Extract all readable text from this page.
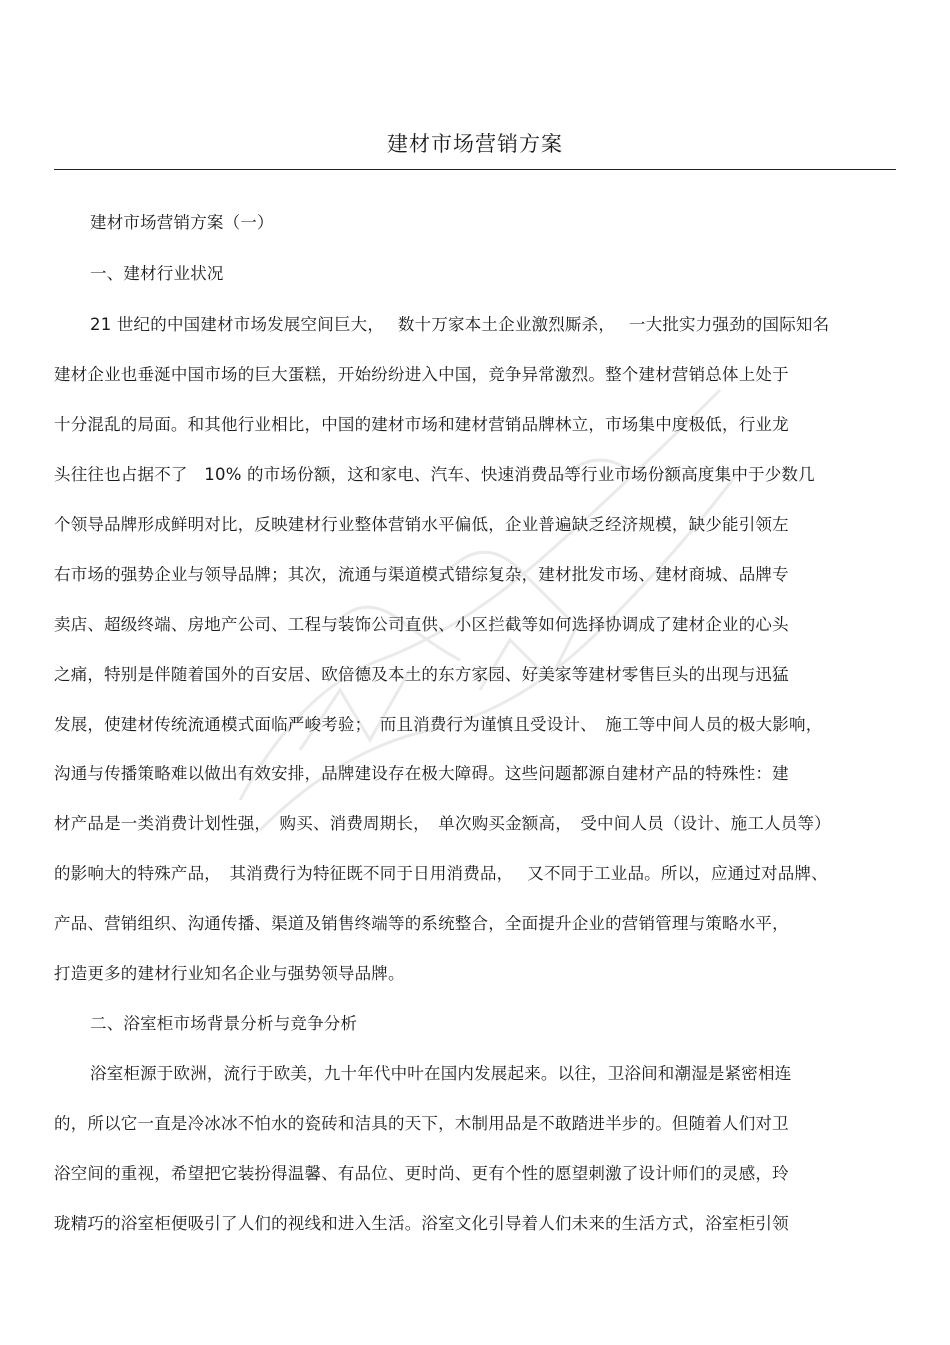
建材市场营销方案
建材市场营销方案（一）
一、建材行业状况
21 世纪的中国建材市场发展空间巨大，　 数十万家本土企业激烈厮杀，　 一大批实力强劲的国际知名
建材企业也垂涎中国市场的巨大蛋糕，开始纷纷进入中国，竞争异常激烈。整个建材营销总体上处于
十分混乱的局面。和其他行业相比，中国的建材市场和建材营销品牌林立，市场集中度极低，行业龙
头往往也占据不了　10% 的市场份额，这和家电、汽车、快速消费品等行业市场份额高度集中于少数几
个领导品牌形成鲜明对比，反映建材行业整体营销水平偏低，企业普遍缺乏经济规模，缺少能引领左
右市场的强势企业与领导品牌；其次，流通与渠道模式错综复杂，建材批发市场、建材商城、品牌专
卖店、超级终端、房地产公司、工程与装饰公司直供、小区拦截等如何选择协调成了建材企业的心头
之痛，特别是伴随着国外的百安居、欧倍德及本土的东方家园、好美家等建材零售巨头的出现与迅猛
发展，使建材传统流通模式面临严峻考验；　而且消费行为谨慎且受设计、　施工等中间人员的极大影响，
沟通与传播策略难以做出有效安排，品牌建设存在极大障碍。这些问题都源自建材产品的特殊性：建
材产品是一类消费计划性强，　购买、消费周期长，　单次购买金额高，　受中间人员（设计、施工人员等）
的影响大的特殊产品，　其消费行为特征既不同于日用消费品，　 又不同于工业品。所以，应通过对品牌、
产品、营销组织、沟通传播、渠道及销售终端等的系统整合，全面提升企业的营销管理与策略水平，
打造更多的建材行业知名企业与强势领导品牌。
二、浴室柜市场背景分析与竞争分析
浴室柜源于欧洲，流行于欧美，九十年代中叶在国内发展起来。以往，卫浴间和潮湿是紧密相连
的，所以它一直是冷冰冰不怕水的瓷砖和洁具的天下，木制用品是不敢踏进半步的。但随着人们对卫
浴空间的重视，希望把它装扮得温馨、有品位、更时尚、更有个性的愿望刺激了设计师们的灵感，玲
珑精巧的浴室柜便吸引了人们的视线和进入生活。浴室文化引导着人们未来的生活方式，浴室柜引领
